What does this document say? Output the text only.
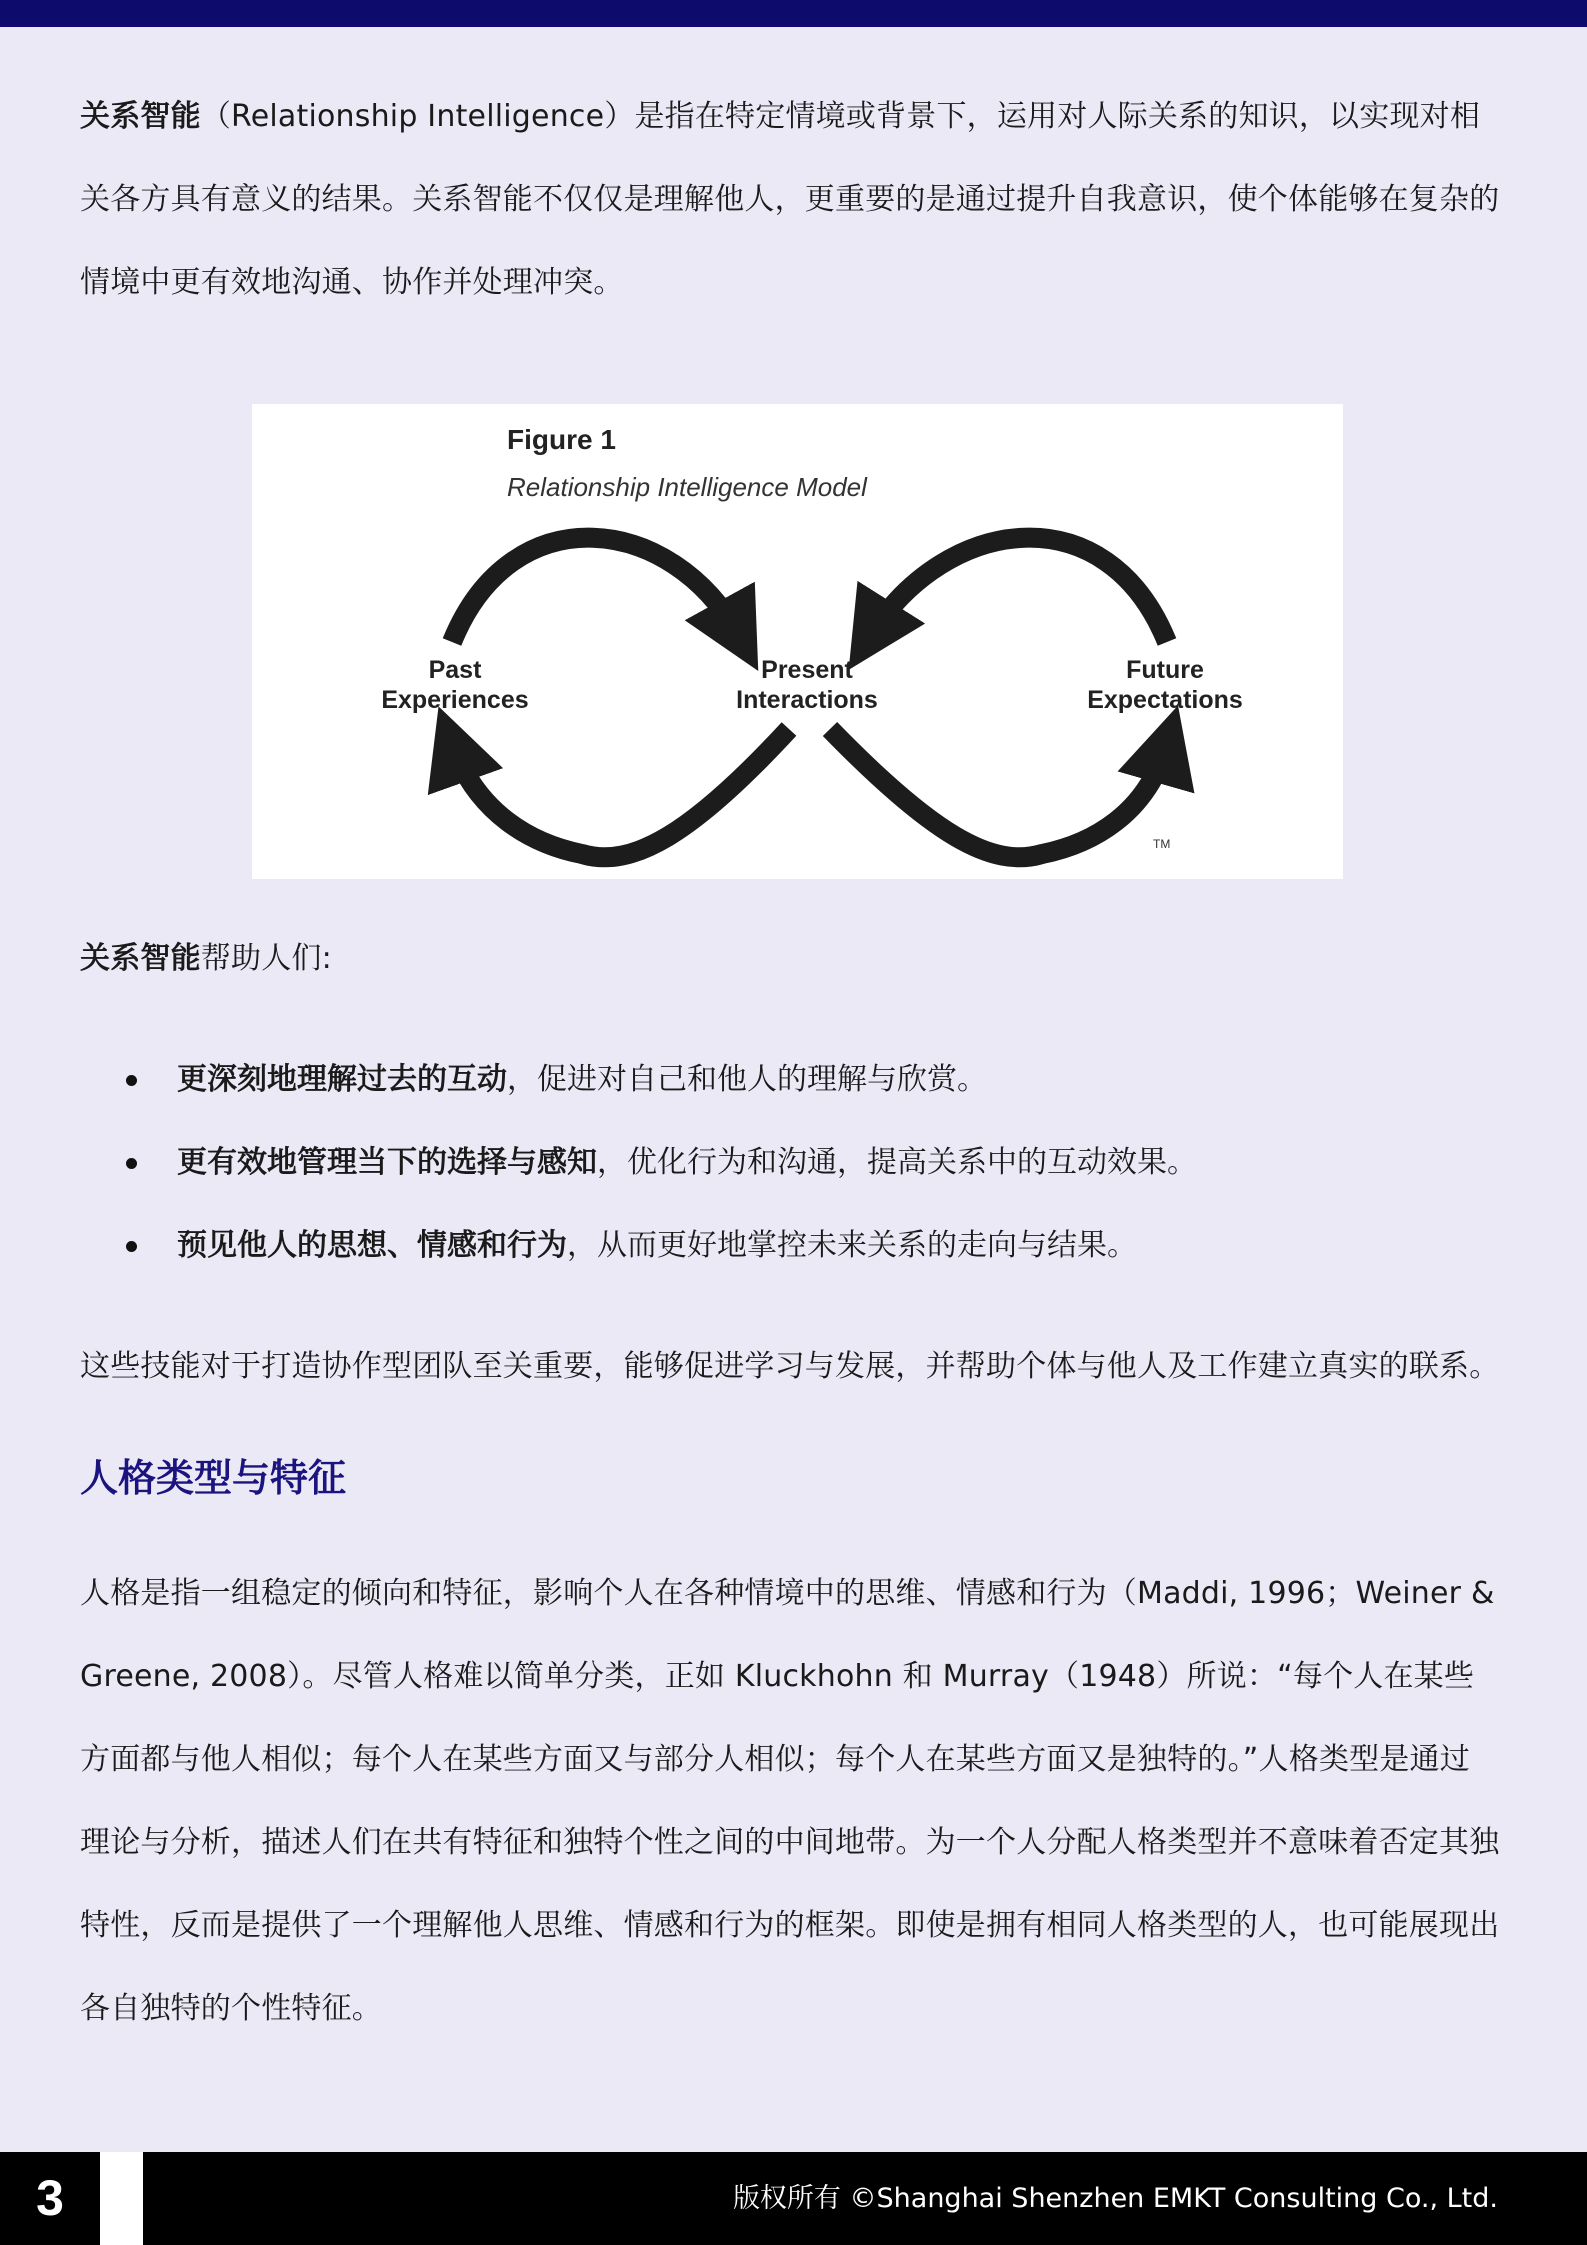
关系智能（Relationship Intelligence）是指在特定情境或背景下，运用对人际关系的知识，以实现对相关各方具有意义的结果。关系智能不仅仅是理解他人，更重要的是通过提升自我意识，使个体能够在复杂的情境中更有效地沟通、协作并处理冲突。

Figure 1
Relationship Intelligence Model
Past
Experiences
Present
Interactions
Future
Expectations
TM

关系智能帮助人们:

更深刻地理解过去的互动，促进对自己和他人的理解与欣赏。
更有效地管理当下的选择与感知，优化行为和沟通，提高关系中的互动效果。
预见他人的思想、情感和行为，从而更好地掌控未来关系的走向与结果。

这些技能对于打造协作型团队至关重要，能够促进学习与发展，并帮助个体与他人及工作建立真实的联系。

人格类型与特征

人格是指一组稳定的倾向和特征，影响个人在各种情境中的思维、情感和行为（Maddi, 1996；Weiner & Greene, 2008）。尽管人格难以简单分类，正如 Kluckhohn 和 Murray（1948）所说：“每个人在某些方面都与他人相似；每个人在某些方面又与部分人相似；每个人在某些方面又是独特的。”人格类型是通过理论与分析，描述人们在共有特征和独特个性之间的中间地带。为一个人分配人格类型并不意味着否定其独特性，反而是提供了一个理解他人思维、情感和行为的框架。即使是拥有相同人格类型的人，也可能展现出各自独特的个性特征。

3	版权所有 ©Shanghai Shenzhen EMKT Consulting Co., Ltd.
